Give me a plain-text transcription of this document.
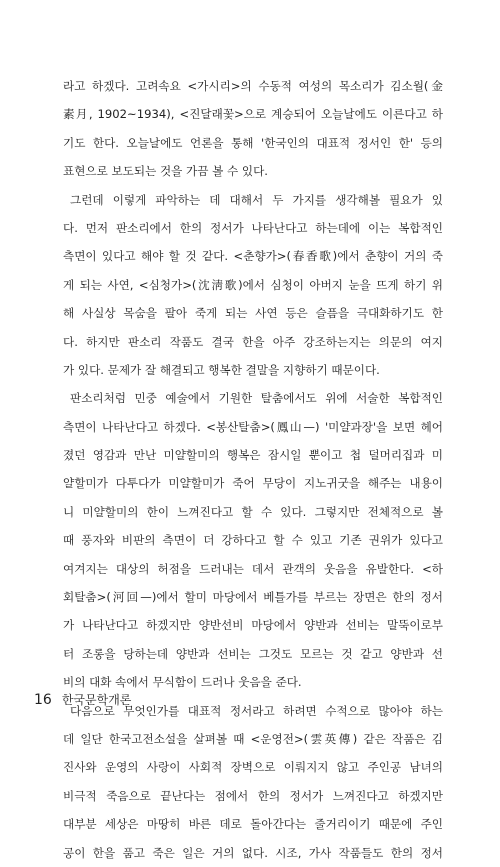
라고 하겠다. 고려속요 <가시리>의 수동적 여성의 목소리가 김소월(金
素月, 1902~1934), <진달래꽃>으로 계승되어 오늘날에도 이른다고 하
기도 한다. 오늘날에도 언론을 통해 '한국인의 대표적 정서인 한' 등의
표현으로 보도되는 것을 가끔 볼 수 있다.
그런데 이렇게 파악하는 데 대해서 두 가지를 생각해볼 필요가 있
다. 먼저 판소리에서 한의 정서가 나타난다고 하는데에 이는 복합적인
측면이 있다고 해야 할 것 같다. <춘향가>(春香歌)에서 춘향이 거의 죽
게 되는 사연, <심청가>(沈淸歌)에서 심청이 아버지 눈을 뜨게 하기 위
해 사실상 목숨을 팔아 죽게 되는 사연 등은 슬픔을 극대화하기도 한
다. 하지만 판소리 작품도 결국 한을 아주 강조하는지는 의문의 여지
가 있다. 문제가 잘 해결되고 행복한 결말을 지향하기 때문이다.
판소리처럼 민중 예술에서 기원한 탈춤에서도 위에 서술한 복합적인
측면이 나타난다고 하겠다. <봉산탈춤>(鳳山—) '미얄과장'을 보면 헤어
졌던 영감과 만난 미얄할미의 행복은 잠시일 뿐이고 첩 덜머리집과 미
얄할미가 다투다가 미얄할미가 죽어 무당이 지노귀굿을 해주는 내용이
니 미얄할미의 한이 느껴진다고 할 수 있다. 그렇지만 전체적으로 볼
때 풍자와 비판의 측면이 더 강하다고 할 수 있고 기존 권위가 있다고
여겨지는 대상의 허점을 드러내는 데서 관객의 웃음을 유발한다. <하
회탈춤>(河回—)에서 할미 마당에서 베틀가를 부르는 장면은 한의 정서
가 나타난다고 하겠지만 양반선비 마당에서 양반과 선비는 말뚝이로부
터 조롱을 당하는데 양반과 선비는 그것도 모르는 것 같고 양반과 선
비의 대화 속에서 무식함이 드러나 웃음을 준다.
다음으로 무엇인가를 대표적 정서라고 하려면 수적으로 많아야 하는
데 일단 한국고전소설을 살펴볼 때 <운영전>(雲英傳) 같은 작품은 김
진사와 운영의 사랑이 사회적 장벽으로 이뤄지지 않고 주인공 남녀의
비극적 죽음으로 끝난다는 점에서 한의 정서가 느껴진다고 하겠지만
대부분 세상은 마땅히 바른 데로 돌아간다는 줄거리이기 때문에 주인
공이 한을 품고 죽은 일은 거의 없다. 시조, 가사 작품들도 한의 정서
16 한국문학개론
